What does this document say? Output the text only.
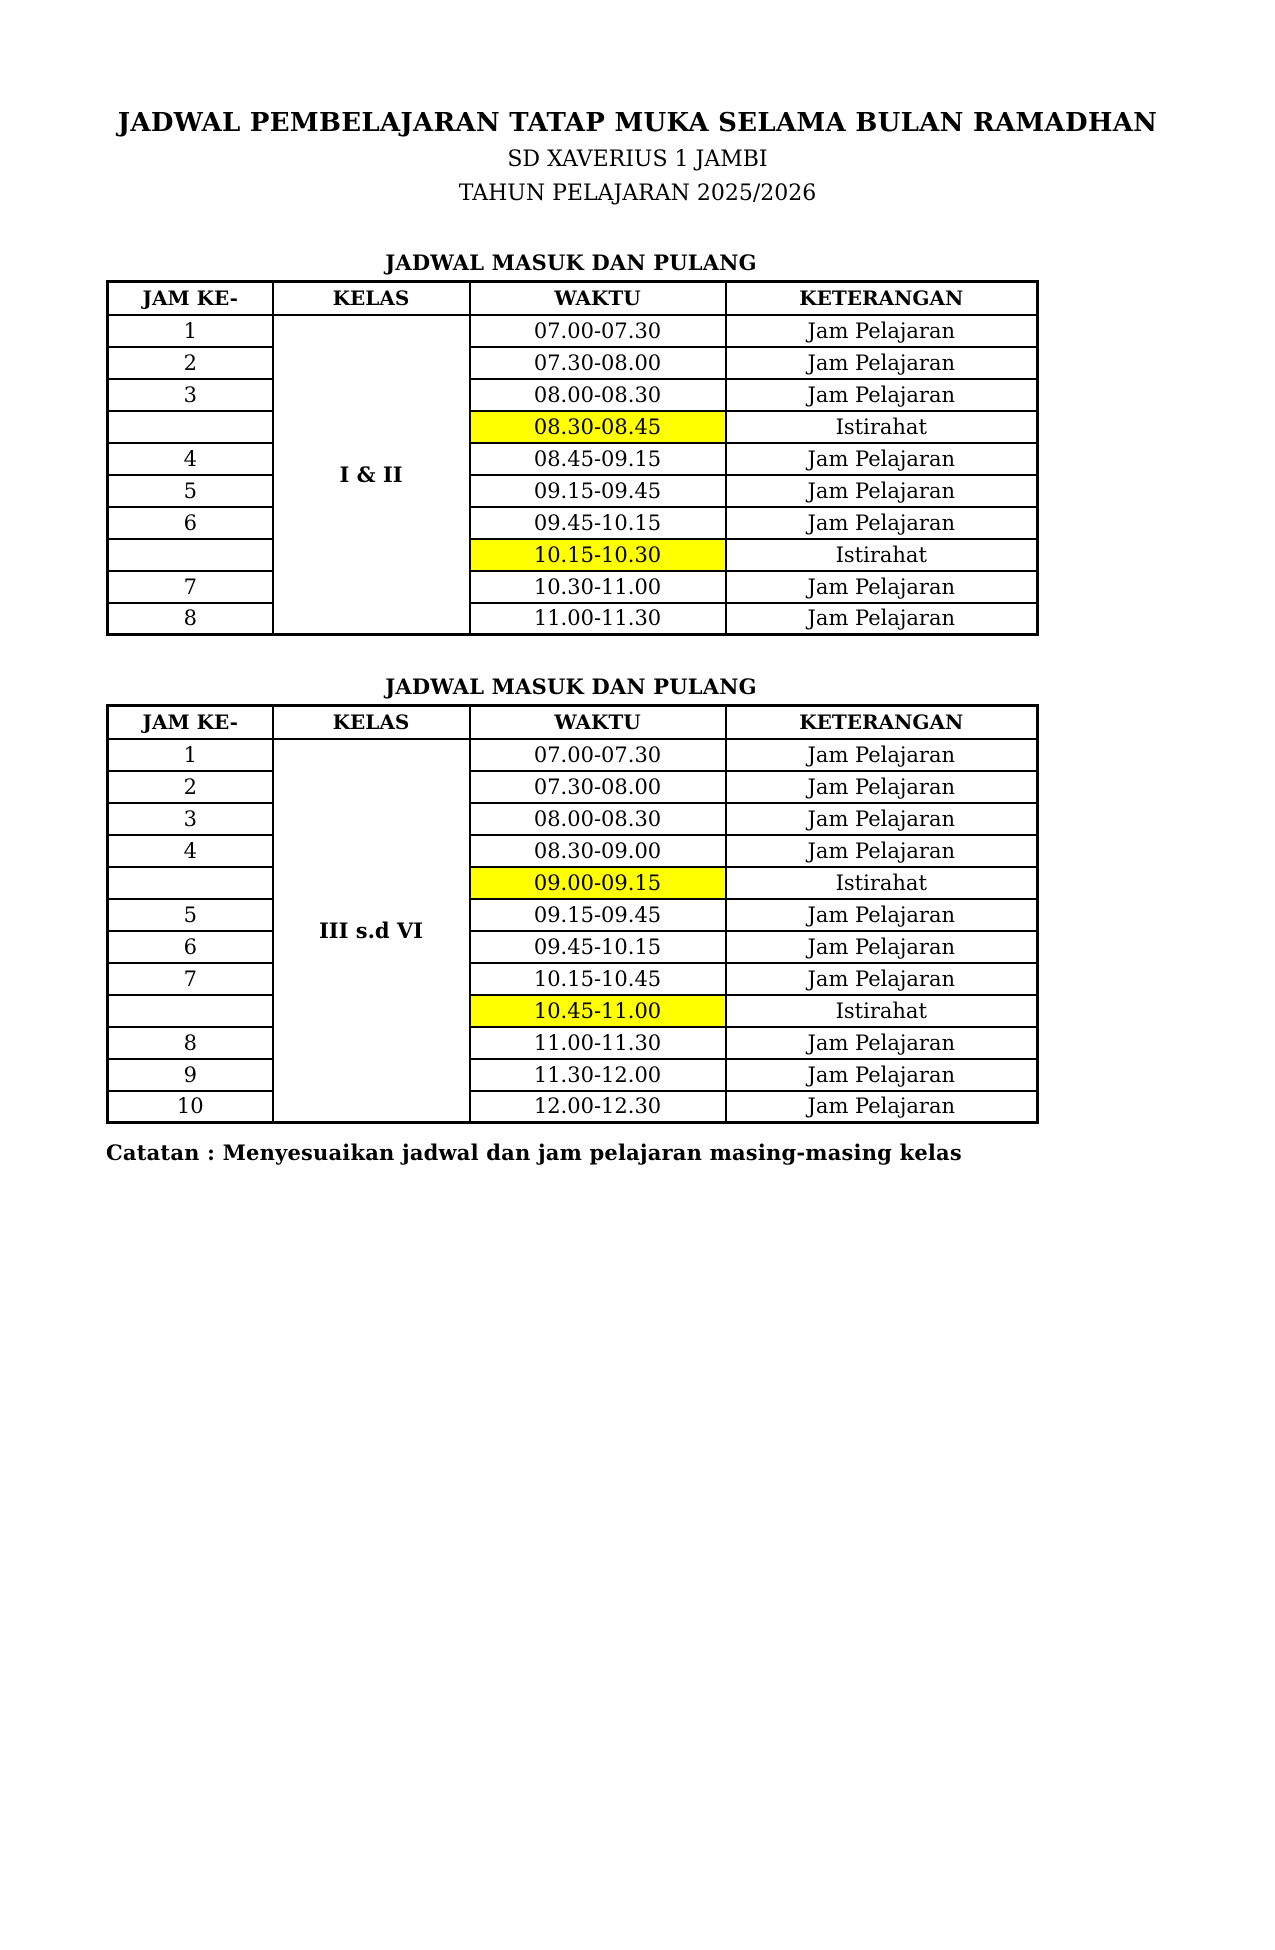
JADWAL PEMBELAJARAN TATAP MUKA SELAMA BULAN RAMADHAN
SD XAVERIUS 1 JAMBI
TAHUN PELAJARAN 2025/2026
JADWAL MASUK DAN PULANG
JAM KE-	KELAS	WAKTU	KETERANGAN
1	I & II	07.00-07.30	Jam Pelajaran
2		07.30-08.00	Jam Pelajaran
3		08.00-08.30	Jam Pelajaran
		08.30-08.45	Istirahat
4		08.45-09.15	Jam Pelajaran
5		09.15-09.45	Jam Pelajaran
6		09.45-10.15	Jam Pelajaran
		10.15-10.30	Istirahat
7		10.30-11.00	Jam Pelajaran
8		11.00-11.30	Jam Pelajaran
JADWAL MASUK DAN PULANG
JAM KE-	KELAS	WAKTU	KETERANGAN
1	III s.d VI	07.00-07.30	Jam Pelajaran
2		07.30-08.00	Jam Pelajaran
3		08.00-08.30	Jam Pelajaran
4		08.30-09.00	Jam Pelajaran
		09.00-09.15	Istirahat
5		09.15-09.45	Jam Pelajaran
6		09.45-10.15	Jam Pelajaran
7		10.15-10.45	Jam Pelajaran
		10.45-11.00	Istirahat
8		11.00-11.30	Jam Pelajaran
9		11.30-12.00	Jam Pelajaran
10		12.00-12.30	Jam Pelajaran

Catatan : Menyesuaikan jadwal dan jam pelajaran masing-masing kelas
